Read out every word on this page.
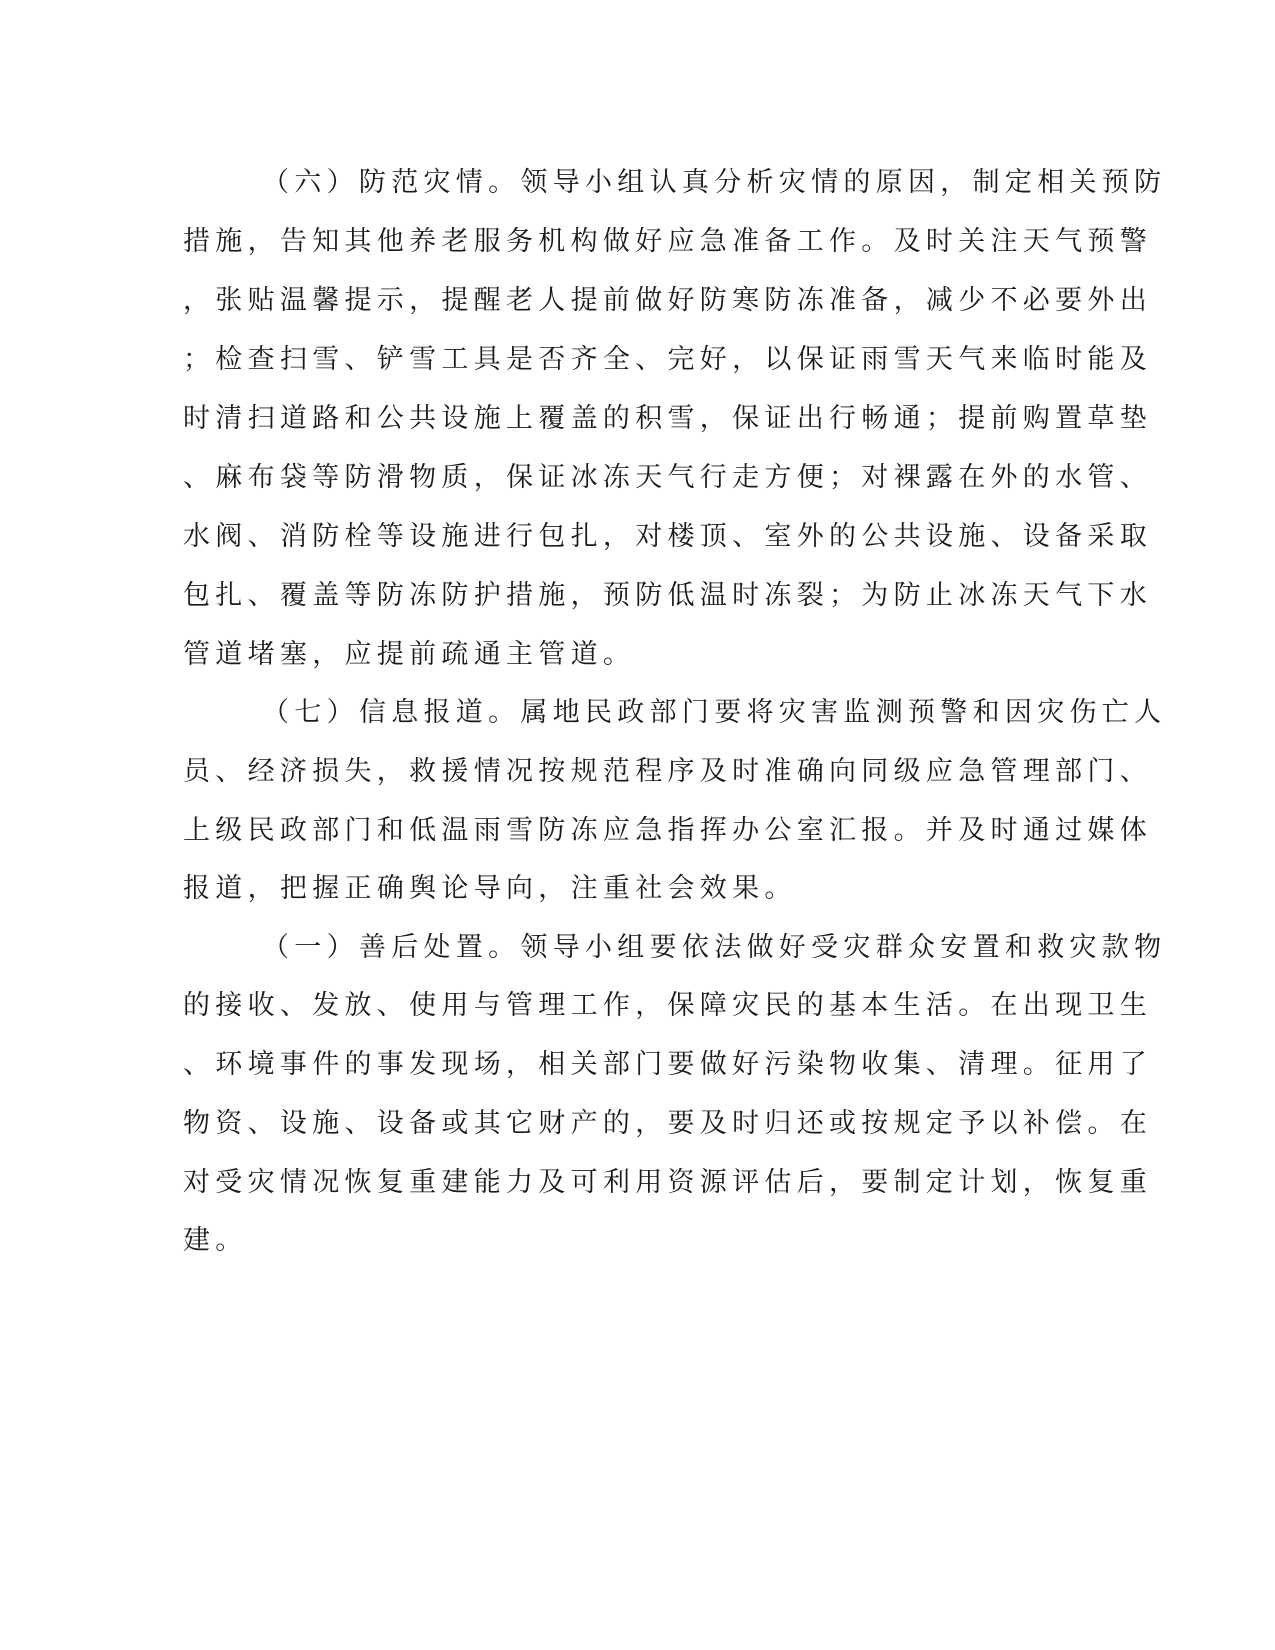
（六）防范灾情。领导小组认真分析灾情的原因，制定相关预防
措施，告知其他养老服务机构做好应急准备工作。及时关注天气预警
，张贴温馨提示，提醒老人提前做好防寒防冻准备，减少不必要外出
；检查扫雪、铲雪工具是否齐全、完好，以保证雨雪天气来临时能及
时清扫道路和公共设施上覆盖的积雪，保证出行畅通；提前购置草垫
、麻布袋等防滑物质，保证冰冻天气行走方便；对裸露在外的水管、
水阀、消防栓等设施进行包扎，对楼顶、室外的公共设施、设备采取
包扎、覆盖等防冻防护措施，预防低温时冻裂；为防止冰冻天气下水
管道堵塞，应提前疏通主管道。
（七）信息报道。属地民政部门要将灾害监测预警和因灾伤亡人
员、经济损失，救援情况按规范程序及时准确向同级应急管理部门、
上级民政部门和低温雨雪防冻应急指挥办公室汇报。并及时通过媒体
报道，把握正确舆论导向，注重社会效果。
（一）善后处置。领导小组要依法做好受灾群众安置和救灾款物
的接收、发放、使用与管理工作，保障灾民的基本生活。在出现卫生
、环境事件的事发现场，相关部门要做好污染物收集、清理。征用了
物资、设施、设备或其它财产的，要及时归还或按规定予以补偿。在
对受灾情况恢复重建能力及可利用资源评估后，要制定计划，恢复重
建。
